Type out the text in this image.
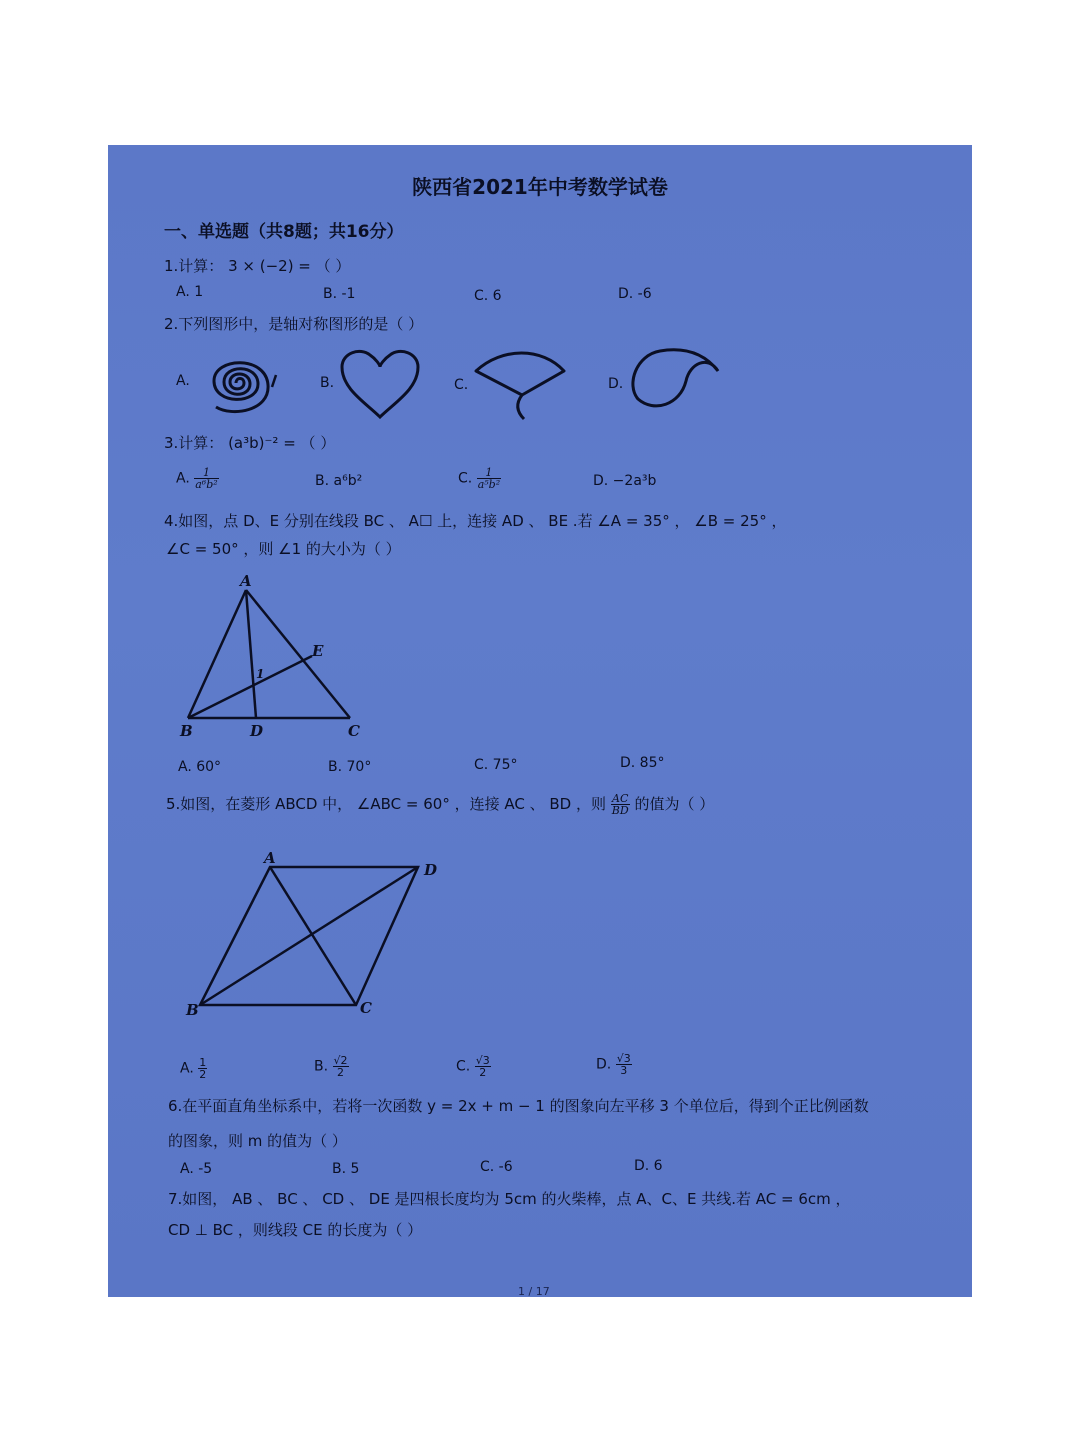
陕西省2021年中考数学试卷
一、单选题（共8题；共16分）
1.计算： 3 × (−2) = （ ）
A. 1	B. -1	C. 6	D. -6
2.下列图形中，是轴对称图形的是（ ）
A.	B.	C.	D.
3.计算： (a³b)⁻² = （ ）
A. $\frac{1}{\text{a⁶b²}}$	B. a⁶b²	C. $\frac{1}{\text{a⁵b²}}$	D. −2a³b
4.如图，点 D、E 分别在线段 BC 、 A☐ 上，连接 AD 、 BE .若 ∠A = 35° ， ∠B = 25° ，
∠C = 50° ，则 ∠1 的大小为（ ）
A
E
1
B	D	C
A. 60°	B. 70°	C. 75°	D. 85°
5.如图，在菱形 ABCD 中， ∠ABC = 60° ，连接 AC 、 BD ，则 $\frac{AC}{BD}$ 的值为（ ）
A
D
B	C
A. $\frac{1}{2}$	B. $\frac{√2}{2}$	C. $\frac{√3}{2}$	D. $\frac{√3}{3}$
6.在平面直角坐标系中，若将一次函数 y = 2x + m − 1 的图象向左平移 3 个单位后，得到个正比例函数
的图象，则 m 的值为（ ）
A. -5	B. 5	C. -6	D. 6
7.如图， AB 、 BC 、 CD 、 DE 是四根长度均为 5cm 的火柴棒，点 A、C、E 共线.若 AC = 6cm ，
CD ⊥ BC ，则线段 CE 的长度为（ ）
1 / 17
